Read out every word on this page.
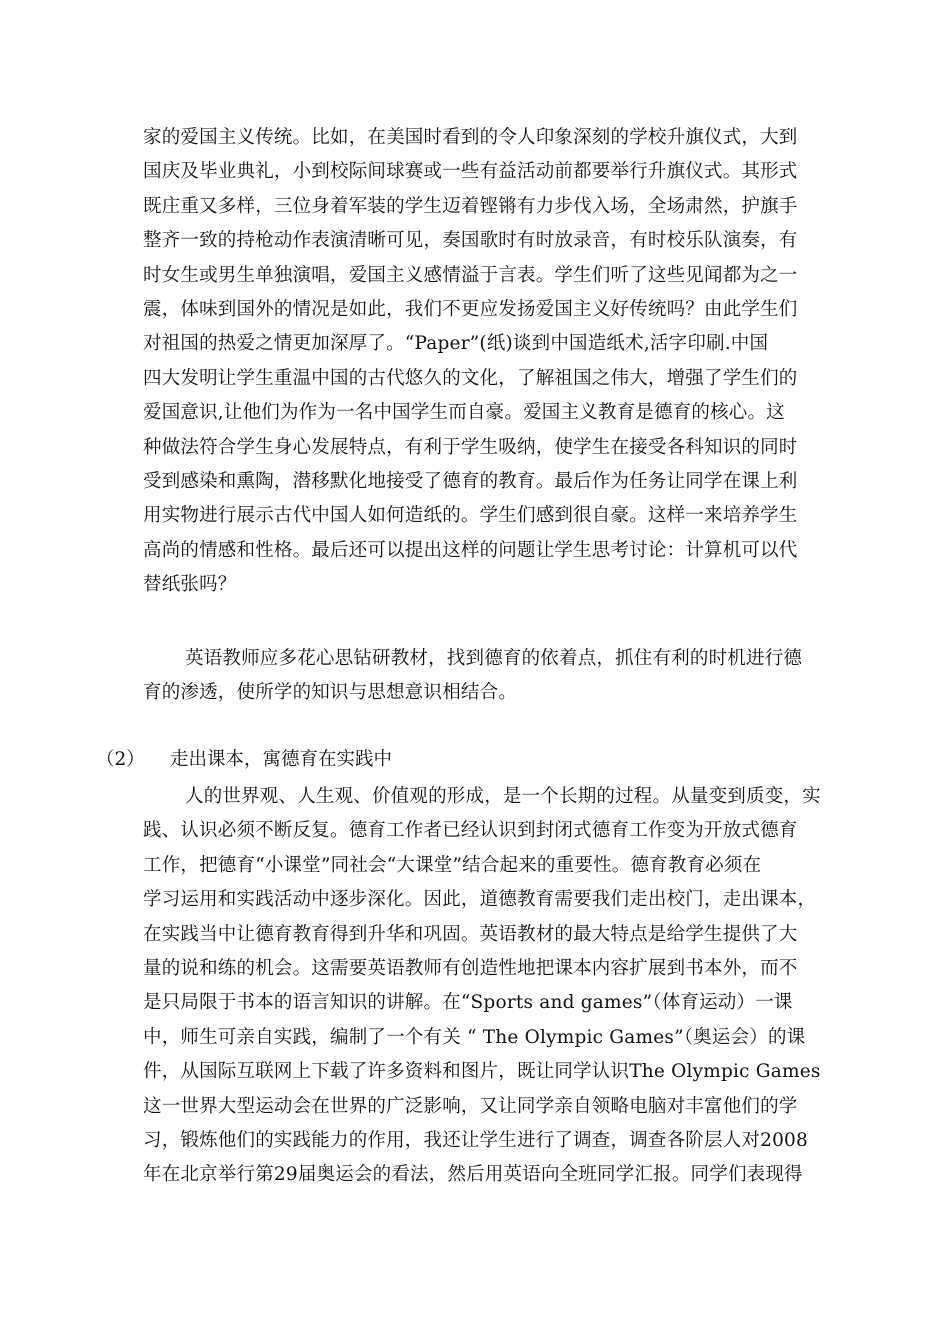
家的爱国主义传统。比如，在美国时看到的令人印象深刻的学校升旗仪式，大到
国庆及毕业典礼，小到校际间球赛或一些有益活动前都要举行升旗仪式。其形式
既庄重又多样，三位身着军装的学生迈着铿锵有力步伐入场，全场肃然，护旗手
整齐一致的持枪动作表演清晰可见，奏国歌时有时放录音，有时校乐队演奏，有
时女生或男生单独演唱，爱国主义感情溢于言表。学生们听了这些见闻都为之一
震，体味到国外的情况是如此，我们不更应发扬爱国主义好传统吗？由此学生们
对祖国的热爱之情更加深厚了。“Paper”(纸)谈到中国造纸术,活字印刷.中国
四大发明让学生重温中国的古代悠久的文化，了解祖国之伟大，增强了学生们的
爱国意识,让他们为作为一名中国学生而自豪。爱国主义教育是德育的核心。这
种做法符合学生身心发展特点，有利于学生吸纳，使学生在接受各科知识的同时
受到感染和熏陶，潜移默化地接受了德育的教育。最后作为任务让同学在课上利
用实物进行展示古代中国人如何造纸的。学生们感到很自豪。这样一来培养学生
高尚的情感和性格。最后还可以提出这样的问题让学生思考讨论：计算机可以代
替纸张吗？
英语教师应多花心思钻研教材，找到德育的依着点，抓住有利的时机进行德
育的渗透，使所学的知识与思想意识相结合。
（2） 走出课本，寓德育在实践中
人的世界观、人生观、价值观的形成，是一个长期的过程。从量变到质变，实
践、认识必须不断反复。德育工作者已经认识到封闭式德育工作变为开放式德育
工作，把德育“小课堂”同社会“大课堂”结合起来的重要性。德育教育必须在
学习运用和实践活动中逐步深化。因此，道德教育需要我们走出校门，走出课本，
在实践当中让德育教育得到升华和巩固。英语教材的最大特点是给学生提供了大
量的说和练的机会。这需要英语教师有创造性地把课本内容扩展到书本外，而不
是只局限于书本的语言知识的讲解。在“Sports and games”（体育运动）一课
中，师生可亲自实践，编制了一个有关 “ The Olympic Games”（奥运会）的课
件，从国际互联网上下载了许多资料和图片，既让同学认识The Olympic Games
这一世界大型运动会在世界的广泛影响，又让同学亲自领略电脑对丰富他们的学
习，锻炼他们的实践能力的作用，我还让学生进行了调查，调查各阶层人对2008
年在北京举行第29届奥运会的看法，然后用英语向全班同学汇报。同学们表现得
